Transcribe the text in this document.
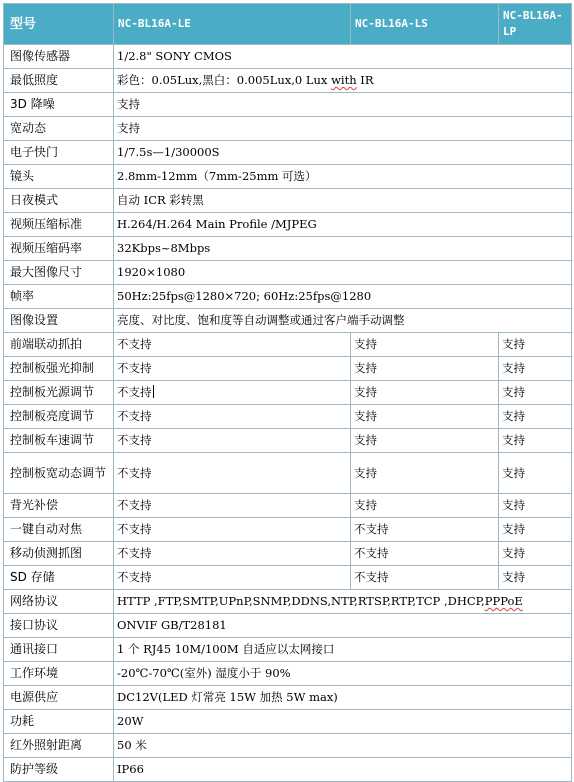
型号	NC-BL16A-LE	NC-BL16A-LS	NC-BL16A-LP
图像传感器	1/2.8" SONY CMOS		
最低照度	彩色：0.05Lux,黑白：0.005Lux,0 Lux with IR		
3D 降噪	支持		
宽动态	支持		
电子快门	1/7.5s—1/30000S		
镜头	2.8mm-12mm（7mm-25mm 可选）		
日夜模式	自动 ICR 彩转黑		
视频压缩标准	H.264/H.264 Main Profile /MJPEG		
视频压缩码率	32Kbps~8Mbps		
最大图像尺寸	1920×1080		
帧率	50Hz:25fps@1280×720; 60Hz:25fps@1280		
图像设置	亮度、对比度、饱和度等自动调整或通过客户端手动调整		
前端联动抓拍	不支持	支持	支持
控制板强光抑制	不支持	支持	支持
控制板光源调节	不支持	支持	支持
控制板亮度调节	不支持	支持	支持
控制板车速调节	不支持	支持	支持
控制板宽动态调节	不支持	支持	支持
背光补偿	不支持	支持	支持
一键自动对焦	不支持	不支持	支持
移动侦测抓图	不支持	不支持	支持
SD 存储	不支持	不支持	支持
网络协议	HTTP ,FTP,SMTP,UPnP,SNMP,DDNS,NTP,RTSP,RTP,TCP ,DHCP,PPPoE		
接口协议	ONVIF GB/T28181		
通讯接口	1 个 RJ45 10M/100M 自适应以太网接口		
工作环境	-20℃-70℃(室外) 湿度小于 90%		
电源供应	DC12V(LED 灯常亮 15W 加热 5W max)		
功耗	20W		
红外照射距离	50 米		
防护等级	IP66		
